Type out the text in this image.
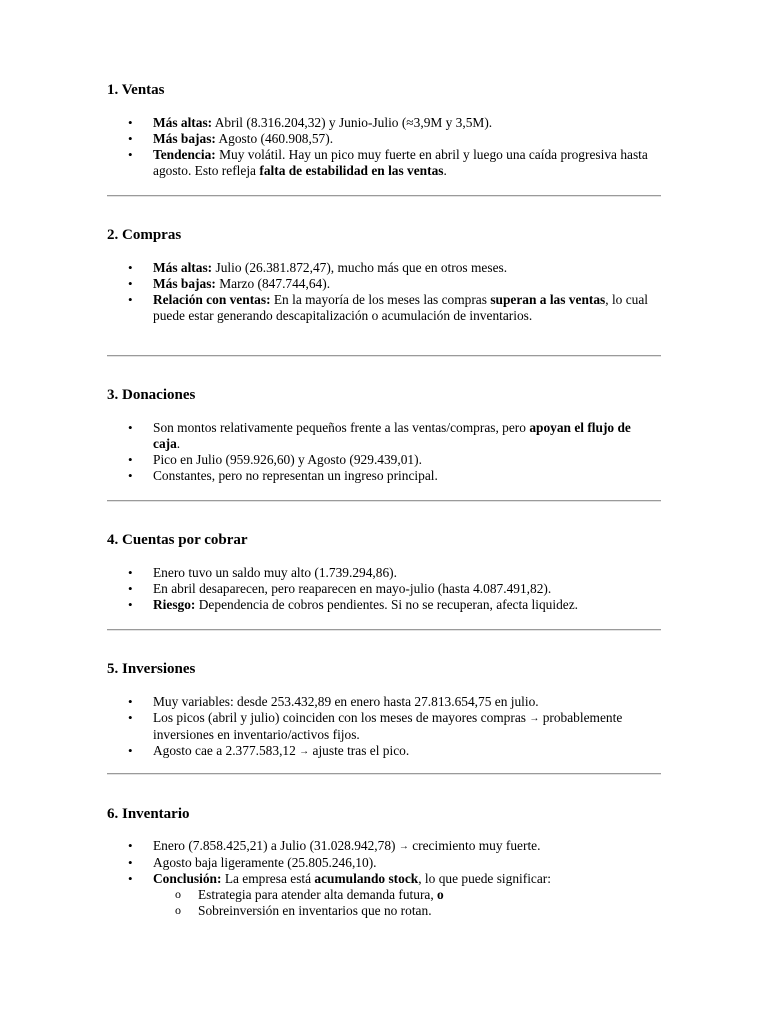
1. Ventas
• Más altas: Abril (8.316.204,32) y Junio-Julio (≈3,9M y 3,5M).
• Más bajas: Agosto (460.908,57).
• Tendencia: Muy volátil. Hay un pico muy fuerte en abril y luego una caída progresiva hasta agosto. Esto refleja falta de estabilidad en las ventas.
2. Compras
• Más altas: Julio (26.381.872,47), mucho más que en otros meses.
• Más bajas: Marzo (847.744,64).
• Relación con ventas: En la mayoría de los meses las compras superan a las ventas, lo cual puede estar generando descapitalización o acumulación de inventarios.
3. Donaciones
• Son montos relativamente pequeños frente a las ventas/compras, pero apoyan el flujo de caja.
• Pico en Julio (959.926,60) y Agosto (929.439,01).
• Constantes, pero no representan un ingreso principal.
4. Cuentas por cobrar
• Enero tuvo un saldo muy alto (1.739.294,86).
• En abril desaparecen, pero reaparecen en mayo-julio (hasta 4.087.491,82).
• Riesgo: Dependencia de cobros pendientes. Si no se recuperan, afecta liquidez.
5. Inversiones
• Muy variables: desde 253.432,89 en enero hasta 27.813.654,75 en julio.
• Los picos (abril y julio) coinciden con los meses de mayores compras → probablemente inversiones en inventario/activos fijos.
• Agosto cae a 2.377.583,12 → ajuste tras el pico.
6. Inventario
• Enero (7.858.425,21) a Julio (31.028.942,78) → crecimiento muy fuerte.
• Agosto baja ligeramente (25.805.246,10).
• Conclusión: La empresa está acumulando stock, lo que puede significar:
o Estrategia para atender alta demanda futura, o
o Sobreinversión en inventarios que no rotan.
